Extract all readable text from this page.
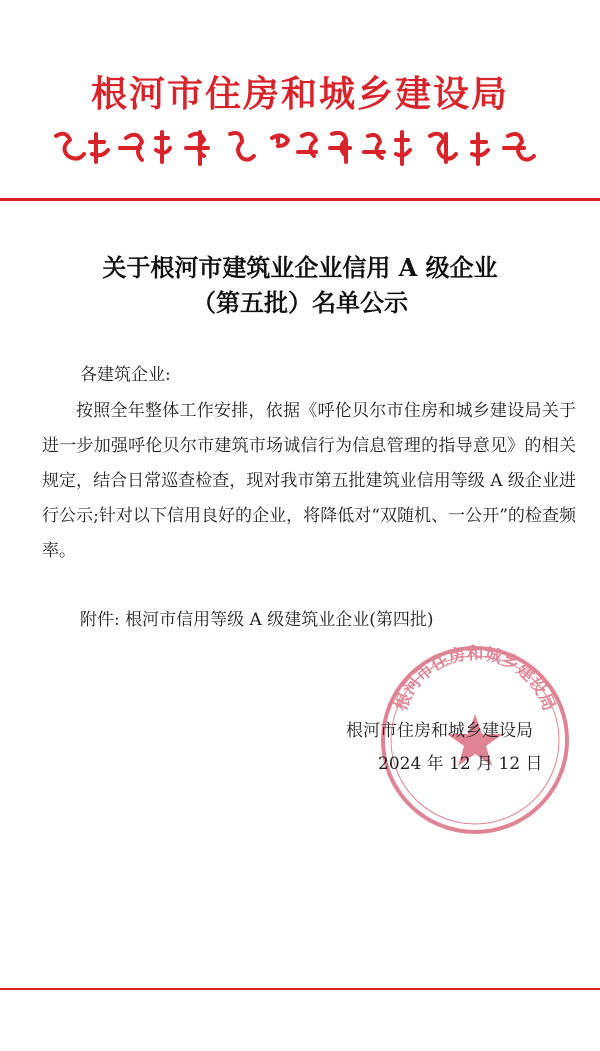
根河市住房和城乡建设局
关于根河市建筑业企业信用 A 级企业
（第五批）名单公示
各建筑企业:
按照全年整体工作安排，依据《呼伦贝尔市住房和城乡建设局关于进一步加强呼伦贝尔市建筑市场诚信行为信息管理的指导意见》的相关规定，结合日常巡查检查，现对我市第五批建筑业信用等级 A 级企业进行公示;针对以下信用良好的企业，将降低对“双随机、一公开”的检查频率。
附件: 根河市信用等级 A 级建筑业企业(第四批)
根河市住房和城乡建设局
根河市住房和城乡建设局
2024 年 12 月 12 日
